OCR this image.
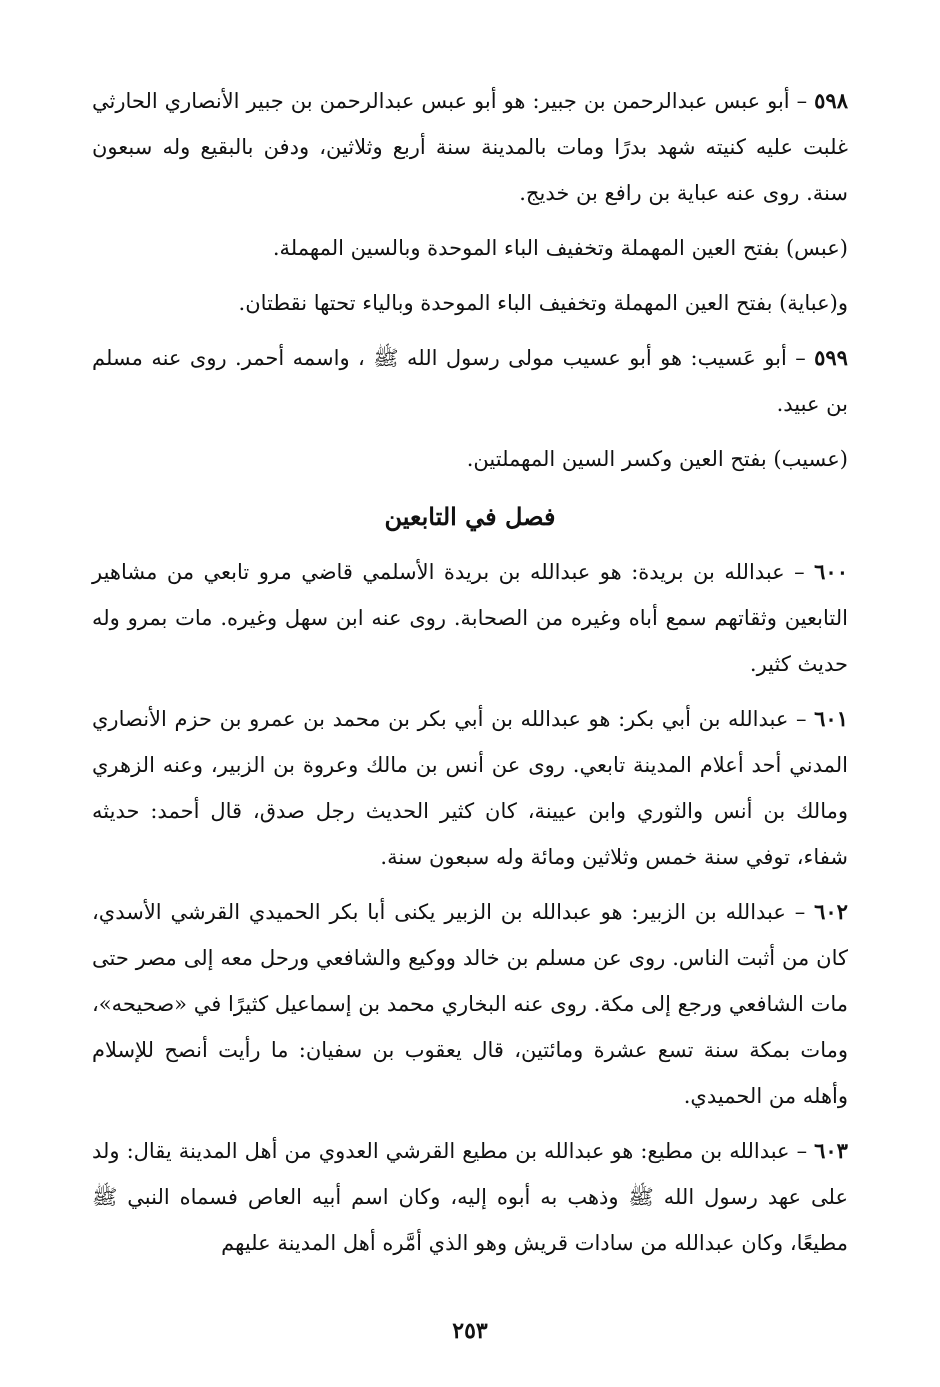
٥٩٨ – أبو عبس عبدالرحمن بن جبير: هو أبو عبس عبدالرحمن بن جبير الأنصاري الحارثي غلبت عليه كنيته شهد بدرًا ومات بالمدينة سنة أربع وثلاثين، ودفن بالبقيع وله سبعون سنة. روى عنه عباية بن رافع بن خديج.

(عبس) بفتح العين المهملة وتخفيف الباء الموحدة وبالسين المهملة.

و(عباية) بفتح العين المهملة وتخفيف الباء الموحدة وبالياء تحتها نقطتان.

٥٩٩ – أبو عَسيب: هو أبو عسيب مولى رسول الله ﷺ ، واسمه أحمر. روى عنه مسلم بن عبيد.

(عسيب) بفتح العين وكسر السين المهملتين.

فصل في التابعين

٦٠٠ – عبدالله بن بريدة: هو عبدالله بن بريدة الأسلمي قاضي مرو تابعي من مشاهير التابعين وثقاتهم سمع أباه وغيره من الصحابة. روى عنه ابن سهل وغيره. مات بمرو وله حديث كثير.

٦٠١ – عبدالله بن أبي بكر: هو عبدالله بن أبي بكر بن محمد بن عمرو بن حزم الأنصاري المدني أحد أعلام المدينة تابعي. روى عن أنس بن مالك وعروة بن الزبير، وعنه الزهري ومالك بن أنس والثوري وابن عيينة، كان كثير الحديث رجل صدق، قال أحمد: حديثه شفاء، توفي سنة خمس وثلاثين ومائة وله سبعون سنة.

٦٠٢ – عبدالله بن الزبير: هو عبدالله بن الزبير يكنى أبا بكر الحميدي القرشي الأسدي، كان من أثبت الناس. روى عن مسلم بن خالد ووكيع والشافعي ورحل معه إلى مصر حتى مات الشافعي ورجع إلى مكة. روى عنه البخاري محمد بن إسماعيل كثيرًا في «صحيحه»، ومات بمكة سنة تسع عشرة ومائتين، قال يعقوب بن سفيان: ما رأيت أنصح للإسلام وأهله من الحميدي.

٦٠٣ – عبدالله بن مطيع: هو عبدالله بن مطيع القرشي العدوي من أهل المدينة يقال: ولد على عهد رسول الله ﷺ وذهب به أبوه إليه، وكان اسم أبيه العاص فسماه النبي ﷺ مطيعًا، وكان عبدالله من سادات قريش وهو الذي أمَّره أهل المدينة عليهم

٢٥٣
